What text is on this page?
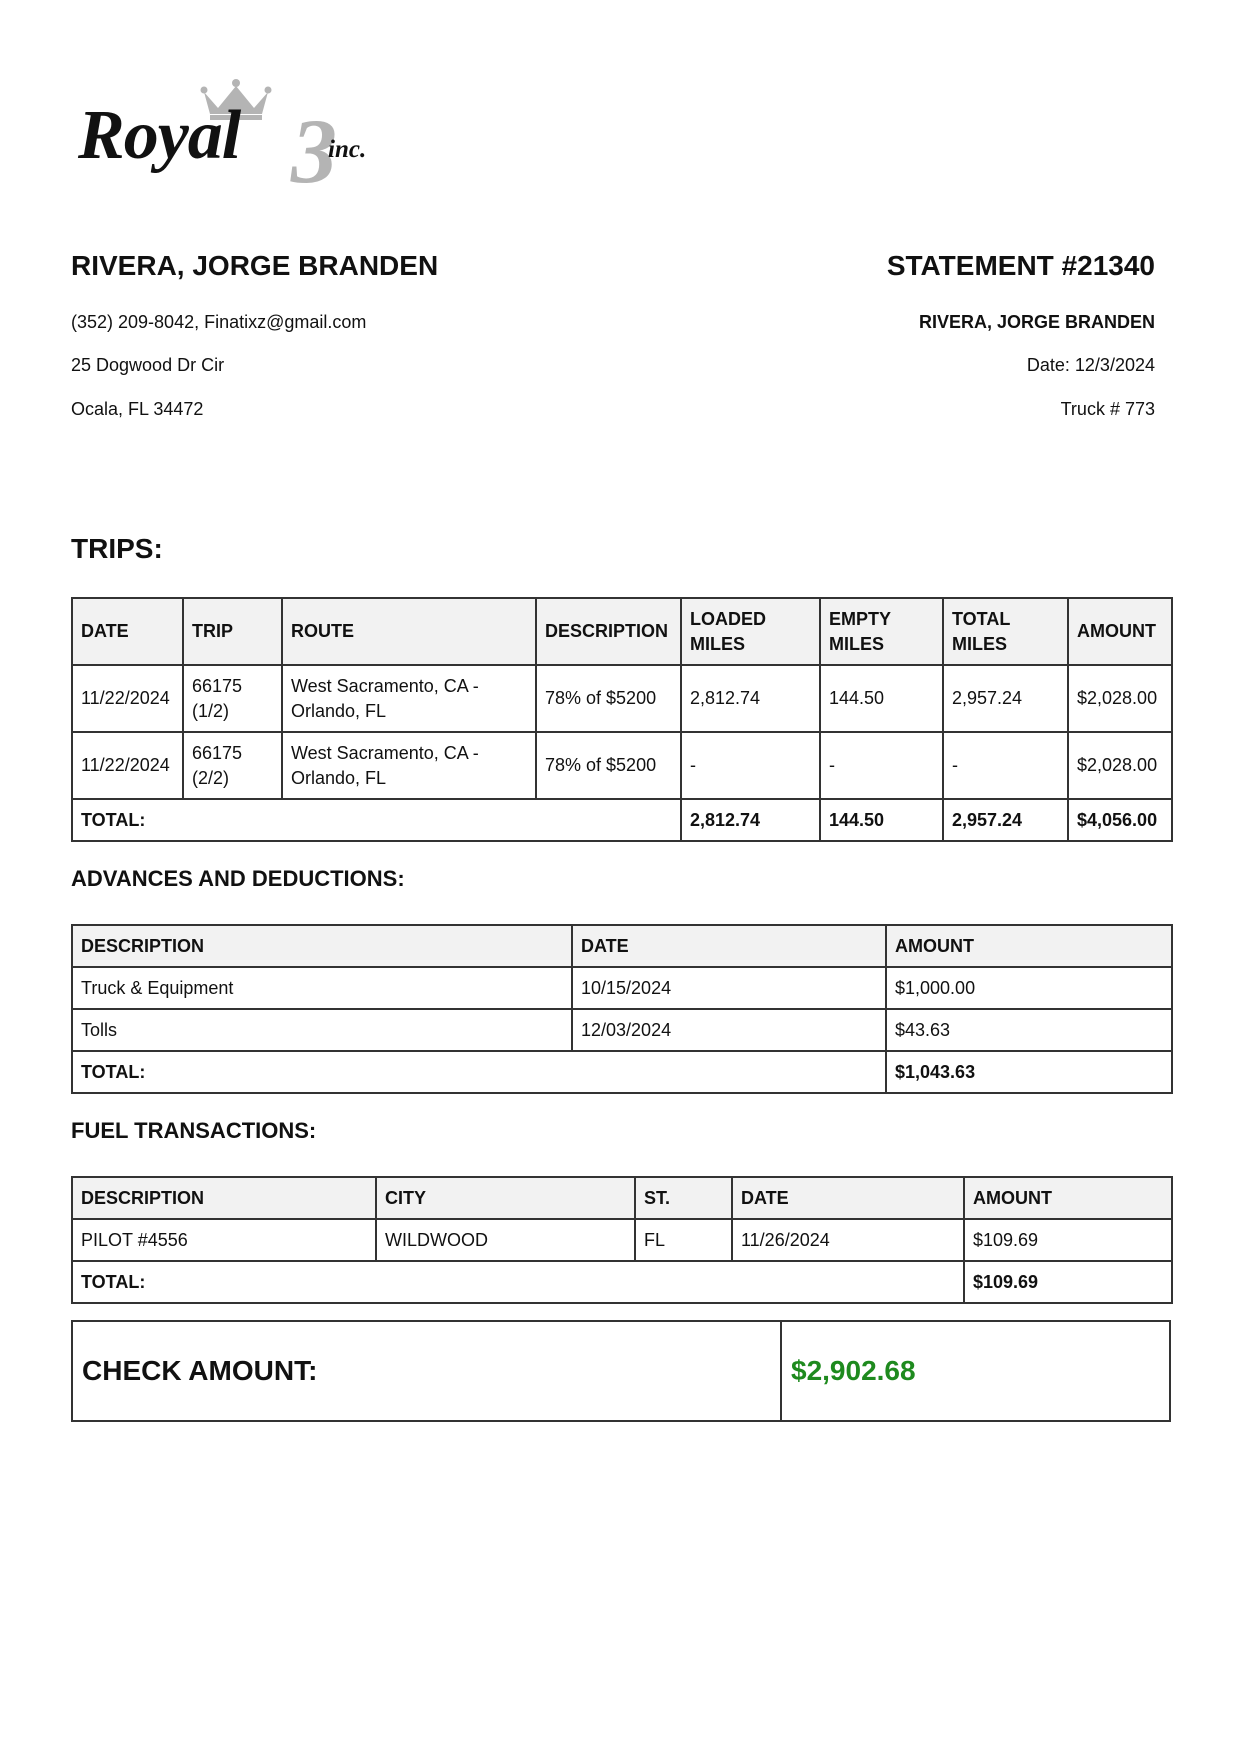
3
Royal	inc.
RIVERA, JORGE BRANDEN
(352) 209-8042, Finatixz@gmail.com
25 Dogwood Dr Cir
Ocala, FL 34472
STATEMENT #21340
RIVERA, JORGE BRANDEN
Date: 12/3/2024
Truck # 773
TRIPS:
DATE	TRIP	ROUTE	DESCRIPTION	LOADED MILES	EMPTY MILES	TOTAL MILES	AMOUNT
11/22/2024	66175 (1/2)	West Sacramento, CA - Orlando, FL	78% of $5200	2,812.74	144.50	2,957.24	$2,028.00
11/22/2024	66175 (2/2)	West Sacramento, CA - Orlando, FL	78% of $5200	-	-	-	$2,028.00
TOTAL:				2,812.74	144.50	2,957.24	$4,056.00
ADVANCES AND DEDUCTIONS:
DESCRIPTION	DATE	AMOUNT
Truck & Equipment	10/15/2024	$1,000.00
Tolls	12/03/2024	$43.63
TOTAL:		$1,043.63
FUEL TRANSACTIONS:
DESCRIPTION	CITY	ST.	DATE	AMOUNT
PILOT #4556	WILDWOOD	FL	11/26/2024	$109.69
TOTAL:				$109.69
CHECK AMOUNT:	$2,902.68
